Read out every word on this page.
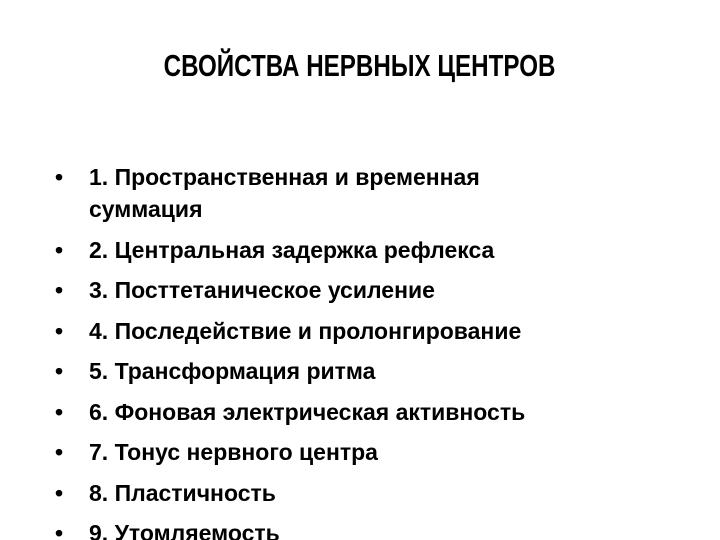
СВОЙСТВА НЕРВНЫХ ЦЕНТРОВ
•	1. Пространственная и временная
суммация
•	2. Центральная задержка рефлекса
•	3. Посттетаническое усиление
•	4. Последействие и пролонгирование
•	5. Трансформация ритма
•	6. Фоновая электрическая активность
•	7. Тонус нервного центра
•	8. Пластичность
•	9. Утомляемость
